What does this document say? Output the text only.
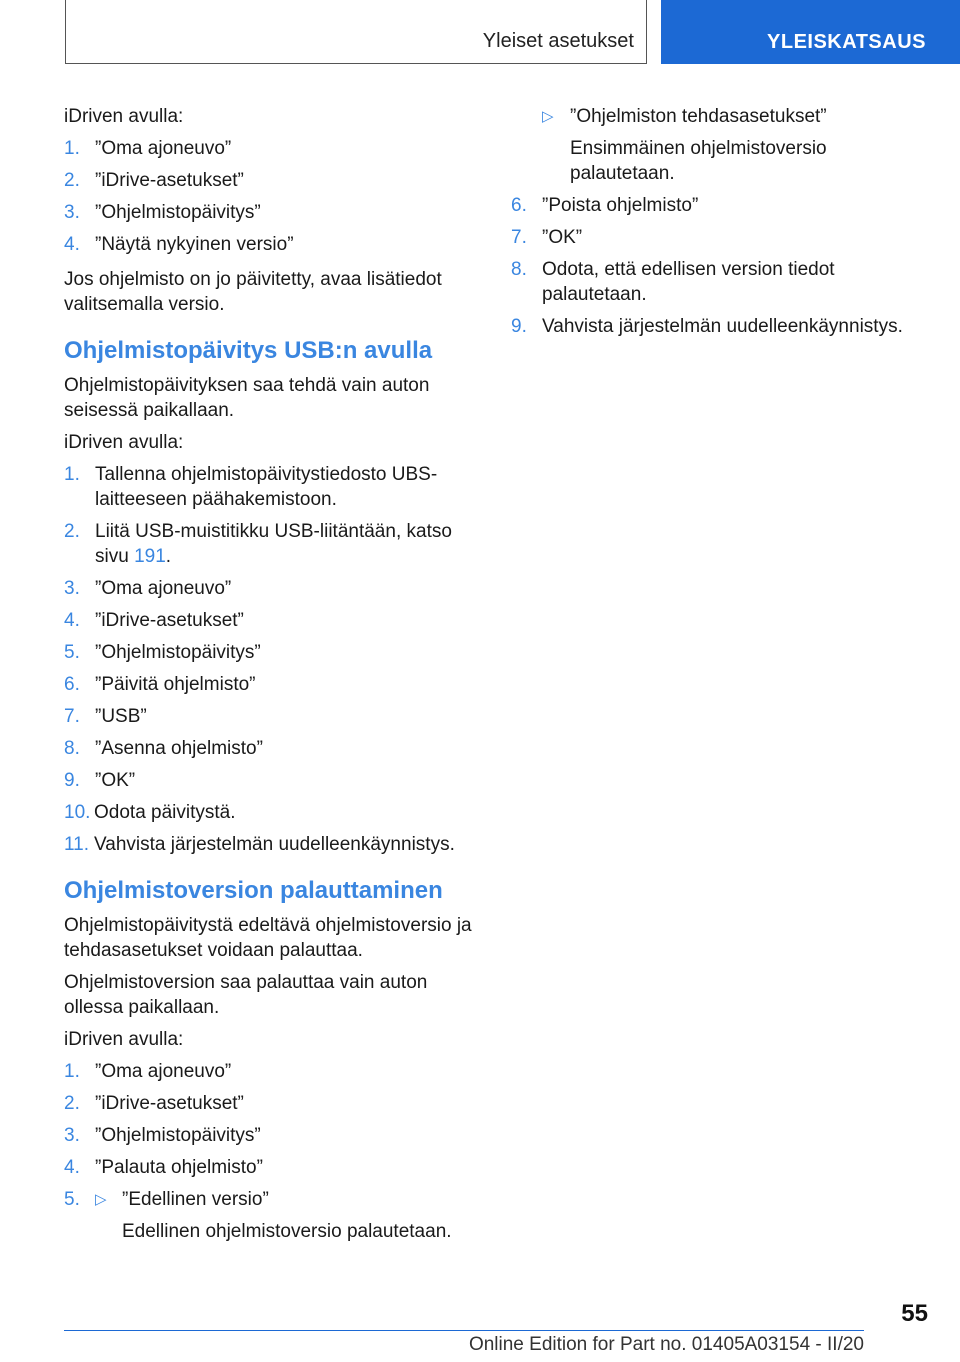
Yleiset asetukset	YLEISKATSAUS

iDriven avulla:

1. ”Oma ajoneuvo”
2. ”iDrive-asetukset”
3. ”Ohjelmistopäivitys”
4. ”Näytä nykyinen versio”

Jos ohjelmisto on jo päivitetty, avaa lisätiedot valitsemalla versio.

Ohjelmistopäivitys USB:n avulla

Ohjelmistopäivityksen saa tehdä vain auton seisessä paikallaan.

iDriven avulla:

1. Tallenna ohjelmistopäivitystiedosto UBS-laitteeseen päähakemistoon.
2. Liitä USB-muistitikku USB-liitäntään, katso sivu 191.
3. ”Oma ajoneuvo”
4. ”iDrive-asetukset”
5. ”Ohjelmistopäivitys”
6. ”Päivitä ohjelmisto”
7. ”USB”
8. ”Asenna ohjelmisto”
9. ”OK”
10. Odota päivitystä.
11. Vahvista järjestelmän uudelleenkäynnistys.
Ohjelmistoversion palauttaminen

Ohjelmistopäivitystä edeltävä ohjelmistoversio ja tehdasasetukset voidaan palauttaa.

Ohjelmistoversion saa palauttaa vain auton ollessa paikallaan.

iDriven avulla:

1. ”Oma ajoneuvo”
2. ”iDrive-asetukset”
3. ”Ohjelmistopäivitys”
4. ”Palauta ohjelmisto”
5. ▷ ”Edellinen versio”
Edellinen ohjelmistoversio palautetaan.
▷ ”Ohjelmiston tehdasasetukset”
Ensimmäinen ohjelmistoversio palautetaan.
6. ”Poista ohjelmisto”
7. ”OK”
8. Odota, että edellisen version tiedot palautetaan.
9. Vahvista järjestelmän uudelleenkäynnistys.
55
Online Edition for Part no. 01405A03154 - II/20
